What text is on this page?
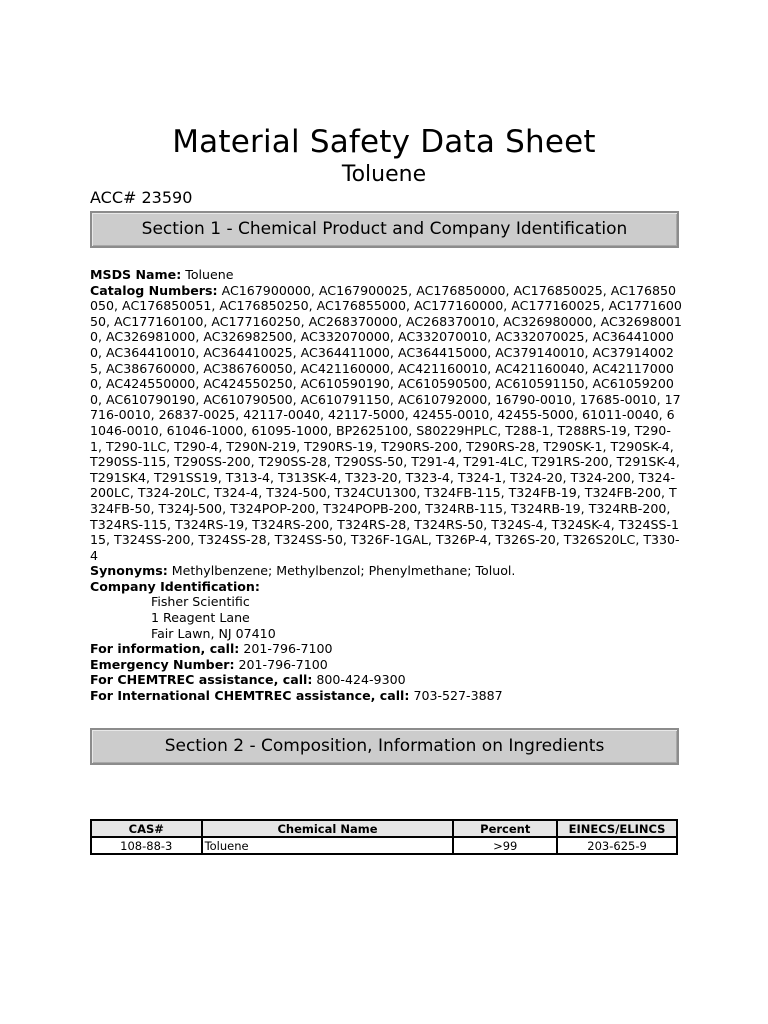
Material Safety Data Sheet
Toluene
ACC# 23590
Section 1 - Chemical Product and Company Identification
MSDS Name: Toluene
Catalog Numbers: AC167900000, AC167900025, AC176850000, AC176850025, AC176850050, AC176850051, AC176850250, AC176855000, AC177160000, AC177160025, AC177160050, AC177160100, AC177160250, AC268370000, AC268370010, AC326980000, AC326980010, AC326981000, AC326982500, AC332070000, AC332070010, AC332070025, AC364410000, AC364410010, AC364410025, AC364411000, AC364415000, AC379140010, AC379140025, AC386760000, AC386760050, AC421160000, AC421160010, AC421160040, AC421170000, AC424550000, AC424550250, AC610590190, AC610590500, AC610591150, AC610592000, AC610790190, AC610790500, AC610791150, AC610792000, 16790-0010, 17685-0010, 17716-0010, 26837-0025, 42117-0040, 42117-5000, 42455-0010, 42455-5000, 61011-0040, 61046-0010, 61046-1000, 61095-1000, BP2625100, S80229HPLC, T288-1, T288RS-19, T290-1, T290-1LC, T290-4, T290N-219, T290RS-19, T290RS-200, T290RS-28, T290SK-1, T290SK-4, T290SS-115, T290SS-200, T290SS-28, T290SS-50, T291-4, T291-4LC, T291RS-200, T291SK-4, T291SK4, T291SS19, T313-4, T313SK-4, T323-20, T323-4, T324-1, T324-20, T324-200, T324-200LC, T324-20LC, T324-4, T324-500, T324CU1300, T324FB-115, T324FB-19, T324FB-200, T324FB-50, T324J-500, T324POP-200, T324POPB-200, T324RB-115, T324RB-19, T324RB-200, T324RS-115, T324RS-19, T324RS-200, T324RS-28, T324RS-50, T324S-4, T324SK-4, T324SS-115, T324SS-200, T324SS-28, T324SS-50, T326F-1GAL, T326P-4, T326S-20, T326S20LC, T330-4
Synonyms: Methylbenzene; Methylbenzol; Phenylmethane; Toluol.
Company Identification:
Fisher Scientific
1 Reagent Lane
Fair Lawn, NJ 07410
For information, call: 201-796-7100
Emergency Number: 201-796-7100
For CHEMTREC assistance, call: 800-424-9300
For International CHEMTREC assistance, call: 703-527-3887
Section 2 - Composition, Information on Ingredients
CAS#	Chemical Name	Percent	EINECS/ELINCS
108-88-3	Toluene	>99	203-625-9
